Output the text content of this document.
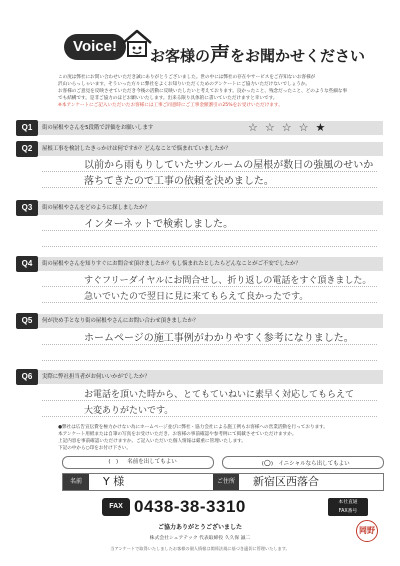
Voice!
お客様の声をお聞かせください
この度は弊社にお問い合わせいただき誠にありがとうございました。世の中には弊社の存在やサービスをご存知ないお客様が
沢山いらっしゃいます。そういった方々に弊社をよくお知りいただくためのアンケートにご協力いただけないでしょうか。
お客様のご意見を反映させていただき今後の活動に反映いたしたいと考えております。良かったこと、残念だったこと、どのような些細な事
でも結構です。是非ご協力のほどお願いいたします。出来る限り具体的に書いていただけますと幸いです。
※本アンケートにご記入いただいたお客様には工事ご同意時にご工事金額割引の25%をお受けいただけます。
Q1	街の屋根やさんを5段階で評価をお願いします	☆☆☆☆★
Q2	屋根工事を検討したきっかけは何ですか？どんなことで悩まれていましたか？
以前から雨もりしていたサンルームの屋根が数日の強風のせいか
落ちてきたので工事の依頼を決めました。
Q3	街の屋根やさんをどのように探しましたか？
インターネットで検索しました。
Q4	街の屋根やさんを知りすぐにお問合せ頂けましたか？もし悩まれたとしたらどんなことがご不安でしたか？
すぐフリーダイヤルにお問合せし、折り返しの電話をすぐ頂きました。
急いでいたので翌日に見に来てもらえて良かったです。
Q5	何が決め手となり街の屋根やさんにお問い合わせ頂きましたか？
ホームページの施工事例がわかりやすく参考になりました。
Q6	実際に弊社担当者がお伺いいかがでしたか？
お電話を頂いた時から、とてもていねいに素早く対応してもらえて
大変ありがたいです。
●弊社は広告宣伝費を極力かけない為にホームページ並びに弊社・協力会社による施工例もお客様への営業活動を行っております。
本アンケート用紙または自筆の写真をお受けいただき、お客様の事前確認や参考例にて掲載させていただけますか。
上記内容を事前確認いただけますか。ご記入いただいた個人情報は厳重に管理いたします。
下記の中から○印をお付け下さい。
(　) 名前を出してもよい	(○) イニシャルなら出してもよい
名前	Y 様	ご住所	新宿区西落合
FAX 0438-38-3310	本社直通
FAX番号
ご協力ありがとうございました
株式会社シェアテック 代表取締役 久久保 誠二
当アンケートで取得いたしましたお客様の個人情報は関係法規に基づき適切に管理いたします。
岡野
